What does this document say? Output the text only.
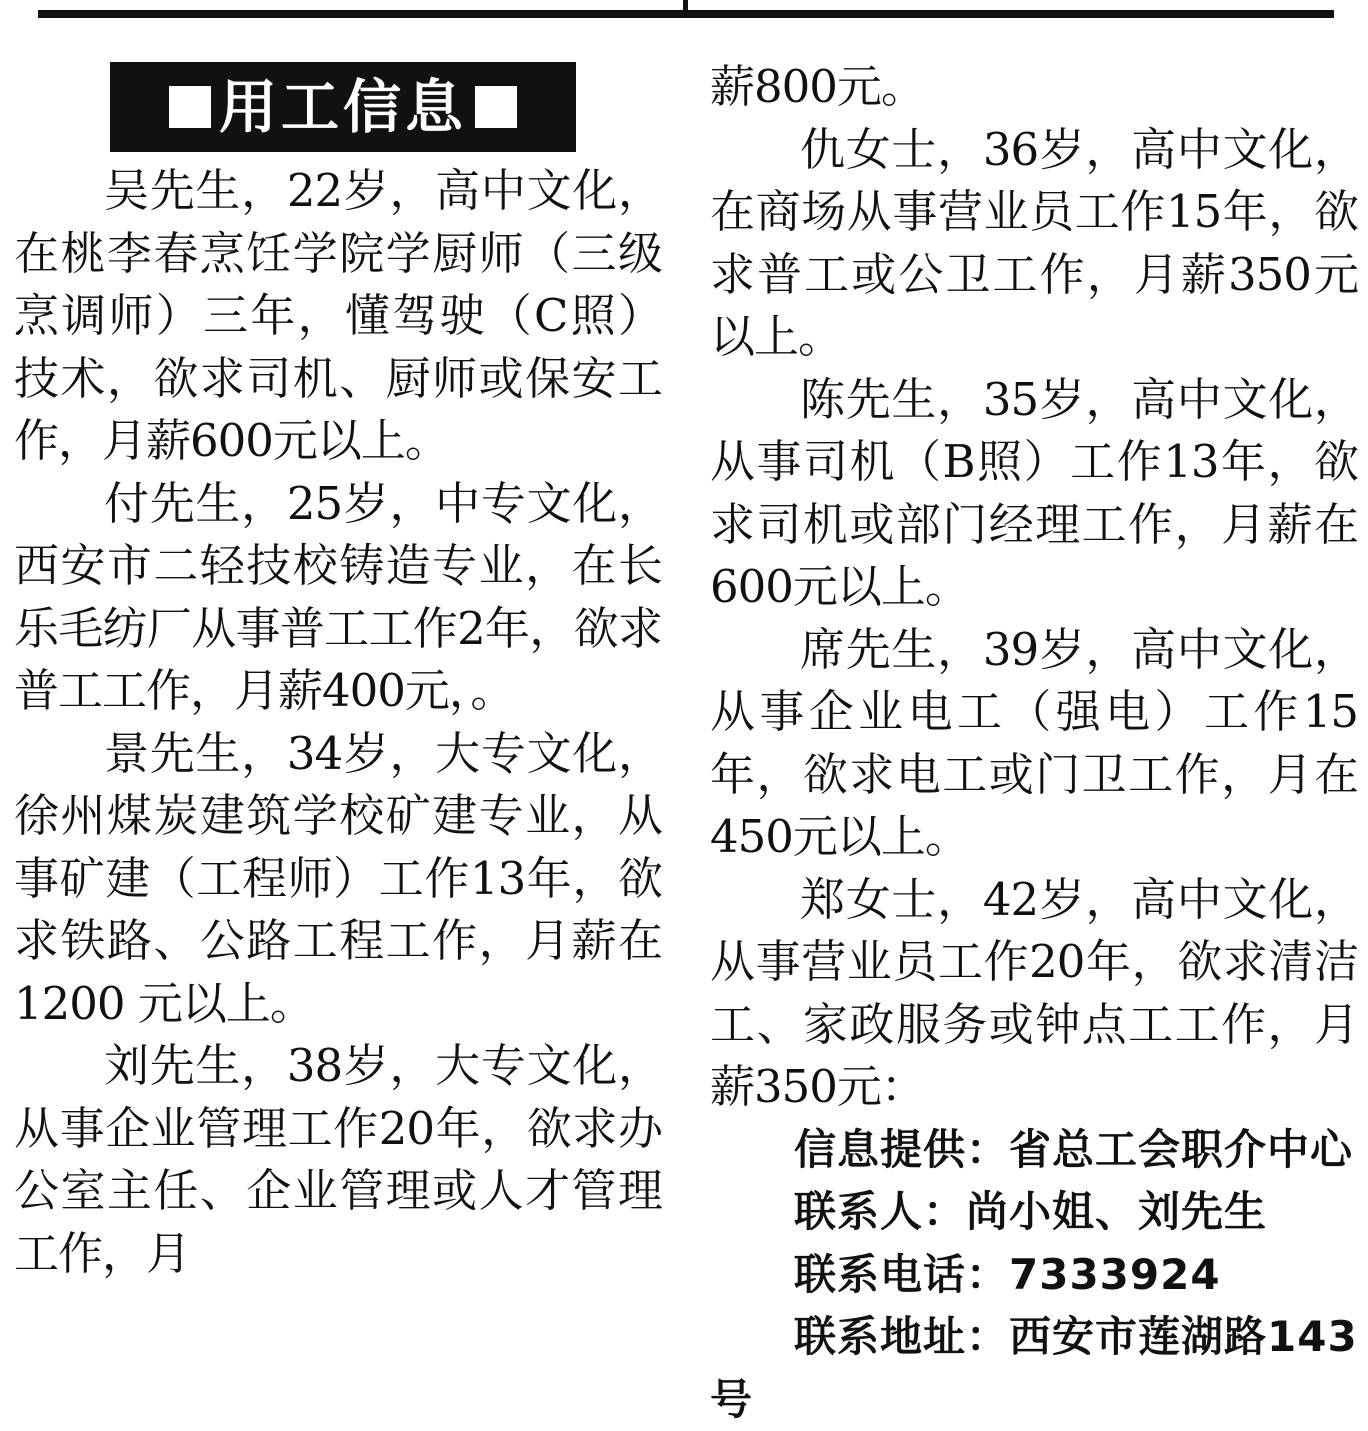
用工信息

吴先生，22岁，高中文化，在桃李春烹饪学院学厨师（三级烹调师）三年，懂驾驶（C照）技术，欲求司机、厨师或保安工作，月薪600元以上。

付先生，25岁，中专文化，西安市二轻技校铸造专业，在长乐毛纺厂从事普工工作2年，欲求普工工作，月薪400元，。

景先生，34岁，大专文化，徐州煤炭建筑学校矿建专业，从事矿建（工程师）工作13年，欲求铁路、公路工程工作，月薪在1200 元以上。

刘先生，38岁，大专文化，从事企业管理工作20年，欲求办公室主任、企业管理或人才管理工作，月

薪800元。

仇女士，36岁，高中文化，在商场从事营业员工作15年，欲求普工或公卫工作，月薪350元以上。

陈先生，35岁，高中文化，从事司机（B照）工作13年，欲求司机或部门经理工作，月薪在600元以上。

席先生，39岁，高中文化，从事企业电工（强电）工作15年，欲求电工或门卫工作，月在450元以上。

郑女士，42岁，高中文化，从事营业员工作20年，欲求清洁工、家政服务或钟点工工作，月薪350元：

信息提供：省总工会职介中心

联系人：尚小姐、刘先生

联系电话：7333924

联系地址：西安市莲湖路143号
